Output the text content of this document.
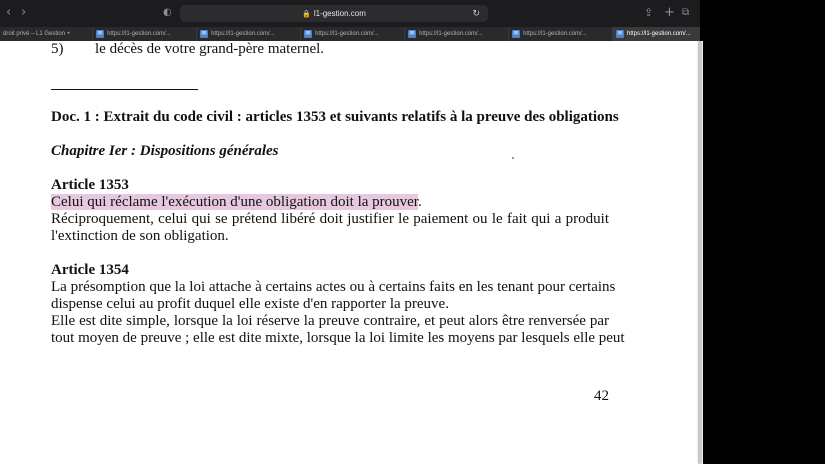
‹ ›	◐	🔒 l1-gestion.com	↻	⇪ + ⧉
droit privé – L1 Gestion +	✉ https://l1-gestion.com/...	✉ https://l1-gestion.com/...	✉ https://l1-gestion.com/...	✉ https://l1-gestion.com/...	✉ https://l1-gestion.com/...	✉ https://l1-gestion.com/...
5) le décès de votre grand-père maternel.
Doc. 1 : Extrait du code civil : articles 1353 et suivants relatifs à la preuve des obligations
Chapitre Ier : Dispositions générales
Article 1353
Celui qui réclame l'exécution d'une obligation doit la prouver.
Réciproquement, celui qui se prétend libéré doit justifier le paiement ou le fait qui a produit
l'extinction de son obligation.
Article 1354
La présomption que la loi attache à certains actes ou à certains faits en les tenant pour certains
dispense celui au profit duquel elle existe d'en rapporter la preuve.
Elle est dite simple, lorsque la loi réserve la preuve contraire, et peut alors être renversée par
tout moyen de preuve ; elle est dite mixte, lorsque la loi limite les moyens par lesquels elle peut
42
